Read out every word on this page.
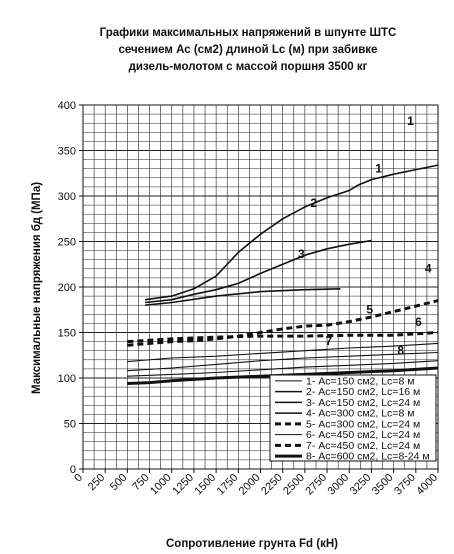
Графики максимальных напряжений в шпунте ШТС
сечением Ас (см2) длиной Lс (м) при забивке
дизель-молотом с массой поршня 3500 кг
0
50
100
150
200
250
300
350
400
0 250 500 750
1000
1250
1500
1750
2000
2250
2500
2750
3000
3250
3500
3750
4000
1
1
2
3
4
5
6
7
8
Сопротивление грунта Fd (кН)
Максимальные напряжения бд (МПа)	1- Ас=150 см2, Lс=8 м
2- Ас=150 см2, Lс=16 м
3- Ас=150 см2, Lс=24 м
4- Ас=300 см2, Lс=8 м
5- Ас=300 см2, Lс=24 м
6- Ас=450 см2, Lс=24 м
7- Ас=450 см2, Lс=24 м
8- Ас=600 см2, Lс=8-24 м
